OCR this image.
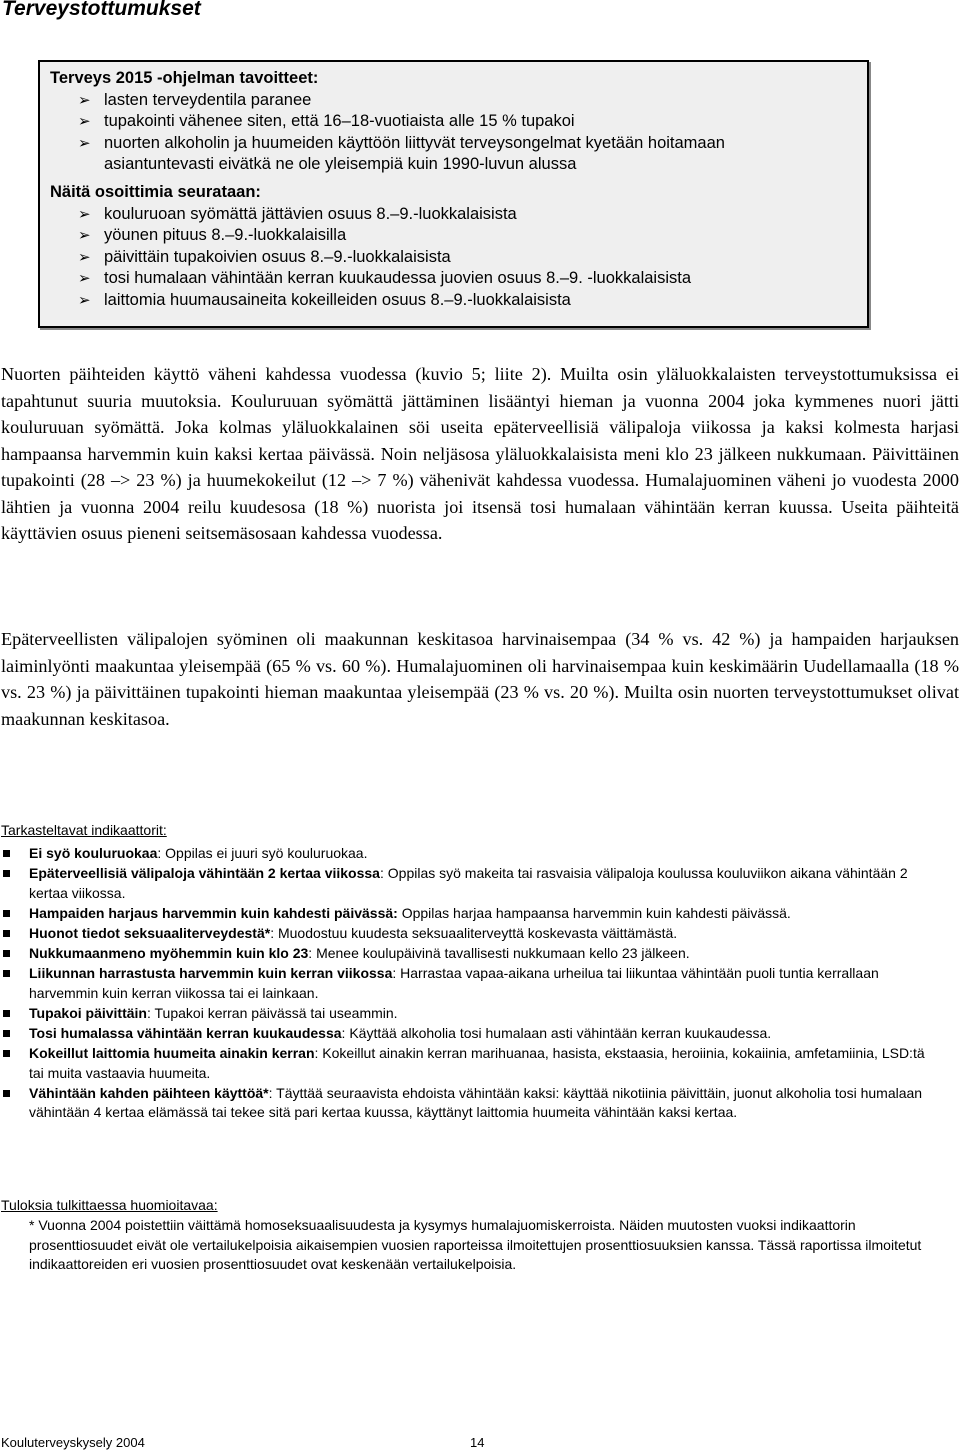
Terveystottumukset
Terveys 2015 -ohjelman tavoitteet:
➢ lasten terveydentila paranee
➢ tupakointi vähenee siten, että 16–18-vuotiaista alle 15 % tupakoi
➢ nuorten alkoholin ja huumeiden käyttöön liittyvät terveysongelmat kyetään hoitamaan
asiantuntevasti eivätkä ne ole yleisempiä kuin 1990-luvun alussa
Näitä osoittimia seurataan:
➢ kouluruoan syömättä jättävien osuus 8.–9.-luokkalaisista
➢ yöunen pituus 8.–9.-luokkalaisilla
➢ päivittäin tupakoivien osuus 8.–9.-luokkalaisista
➢ tosi humalaan vähintään kerran kuukaudessa juovien osuus 8.–9. -luokkalaisista
➢ laittomia huumausaineita kokeilleiden osuus 8.–9.-luokkalaisista

Nuorten päihteiden käyttö väheni kahdessa vuodessa (kuvio 5; liite 2). Muilta osin yläluokkalaisten terveystottumuksissa ei tapahtunut suuria muutoksia. Kouluruuan syömättä jättäminen lisääntyi hieman ja vuonna 2004 joka kymmenes nuori jätti kouluruuan syömättä. Joka kolmas yläluokkalainen söi useita epäterveellisiä välipaloja viikossa ja kaksi kolmesta harjasi hampaansa harvemmin kuin kaksi kertaa päivässä. Noin neljäsosa yläluokkalaisista meni klo 23 jälkeen nukkumaan. Päivittäinen tupakointi (28 –> 23 %) ja huumekokeilut (12 –> 7 %) vähenivät kahdessa vuodessa. Humalajuominen väheni jo vuodesta 2000 lähtien ja vuonna 2004 reilu kuudesosa (18 %) nuorista joi itsensä tosi humalaan vähintään kerran kuussa. Useita päihteitä käyttävien osuus pieneni seitsemäsosaan kahdessa vuodessa.

Epäterveellisten välipalojen syöminen oli maakunnan keskitasoa harvinaisempaa (34 % vs. 42 %) ja hampaiden harjauksen laiminlyönti maakuntaa yleisempää (65 % vs. 60 %). Humalajuominen oli harvinaisempaa kuin keskimäärin Uudellamaalla (18 % vs. 23 %) ja päivittäinen tupakointi hieman maakuntaa yleisempää (23 % vs. 20 %). Muilta osin nuorten terveystottumukset olivat maakunnan keskitasoa.

Tarkasteltavat indikaattorit:

Ei syö kouluruokaa: Oppilas ei juuri syö kouluruokaa.
Epäterveellisiä välipaloja vähintään 2 kertaa viikossa: Oppilas syö makeita tai rasvaisia välipaloja koulussa kouluviikon aikana vähintään 2 kertaa viikossa.
Hampaiden harjaus harvemmin kuin kahdesti päivässä: Oppilas harjaa hampaansa harvemmin kuin kahdesti päivässä.
Huonot tiedot seksuaaliterveydestä*: Muodostuu kuudesta seksuaaliterveyttä koskevasta väittämästä.
Nukkumaanmeno myöhemmin kuin klo 23: Menee koulupäivinä tavallisesti nukkumaan kello 23 jälkeen.
Liikunnan harrastusta harvemmin kuin kerran viikossa: Harrastaa vapaa-aikana urheilua tai liikuntaa vähintään puoli tuntia kerrallaan harvemmin kuin kerran viikossa tai ei lainkaan.
Tupakoi päivittäin: Tupakoi kerran päivässä tai useammin.
Tosi humalassa vähintään kerran kuukaudessa: Käyttää alkoholia tosi humalaan asti vähintään kerran kuukaudessa.
Kokeillut laittomia huumeita ainakin kerran: Kokeillut ainakin kerran marihuanaa, hasista, ekstaasia, heroiinia, kokaiinia, amfetamiinia, LSD:tä tai muita vastaavia huumeita.
Vähintään kahden päihteen käyttöä*: Täyttää seuraavista ehdoista vähintään kaksi: käyttää nikotiinia päivittäin, juonut alkoholia tosi humalaan vähintään 4 kertaa elämässä tai tekee sitä pari kertaa kuussa, käyttänyt laittomia huumeita vähintään kaksi kertaa.

Tuloksia tulkittaessa huomioitavaa:

* Vuonna 2004 poistettiin väittämä homoseksuaalisuudesta ja kysymys humalajuomiskerroista. Näiden muutosten vuoksi indikaattorin prosenttiosuudet eivät ole vertailukelpoisia aikaisempien vuosien raporteissa ilmoitettujen prosenttiosuuksien kanssa. Tässä raportissa ilmoitetut indikaattoreiden eri vuosien prosenttiosuudet ovat keskenään vertailukelpoisia.

Kouluterveyskysely 2004	14
